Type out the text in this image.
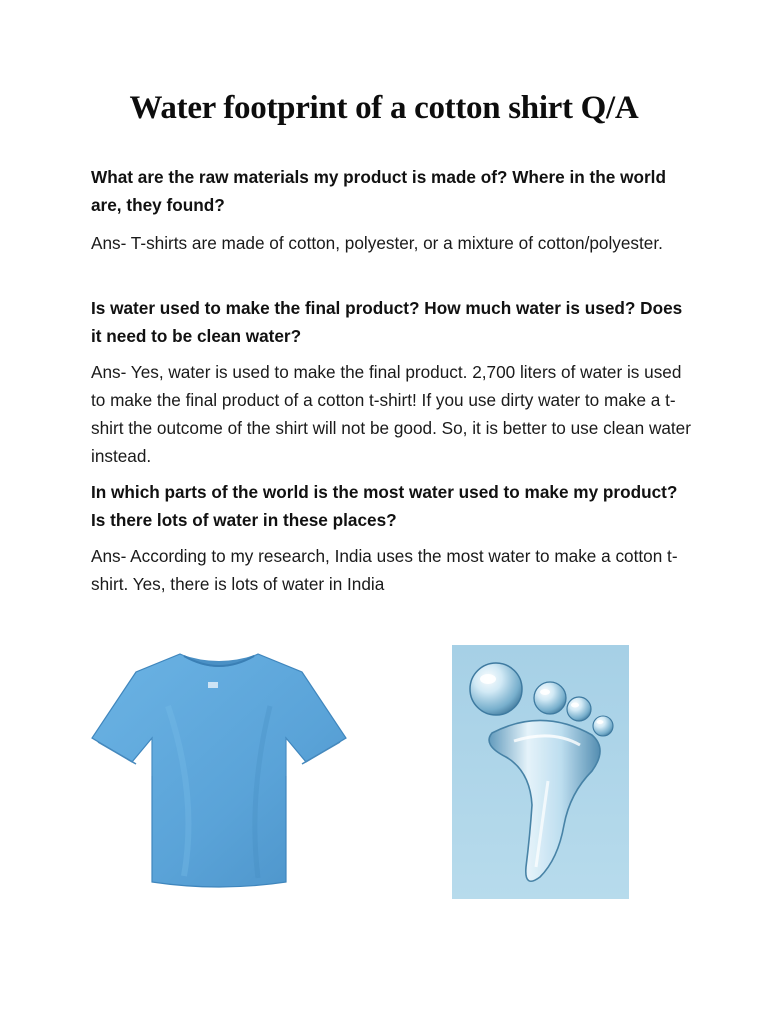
Water footprint of a cotton shirt Q/A
What are the raw materials my product is made of? Where in the world are, they found?
Ans- T-shirts are made of cotton, polyester, or a mixture of cotton/polyester.
Is water used to make the final product? How much water is used? Does it need to be clean water?
Ans- Yes, water is used to make the final product. 2,700 liters of water is used to make the final product of a cotton t-shirt! If you use dirty water to make a t-shirt the outcome of the shirt will not be good. So, it is better to use clean water instead.
In which parts of the world is the most water used to make my product? Is there lots of water in these places?
Ans- According to my research, India uses the most water to make a cotton t-shirt. Yes, there is lots of water in India
